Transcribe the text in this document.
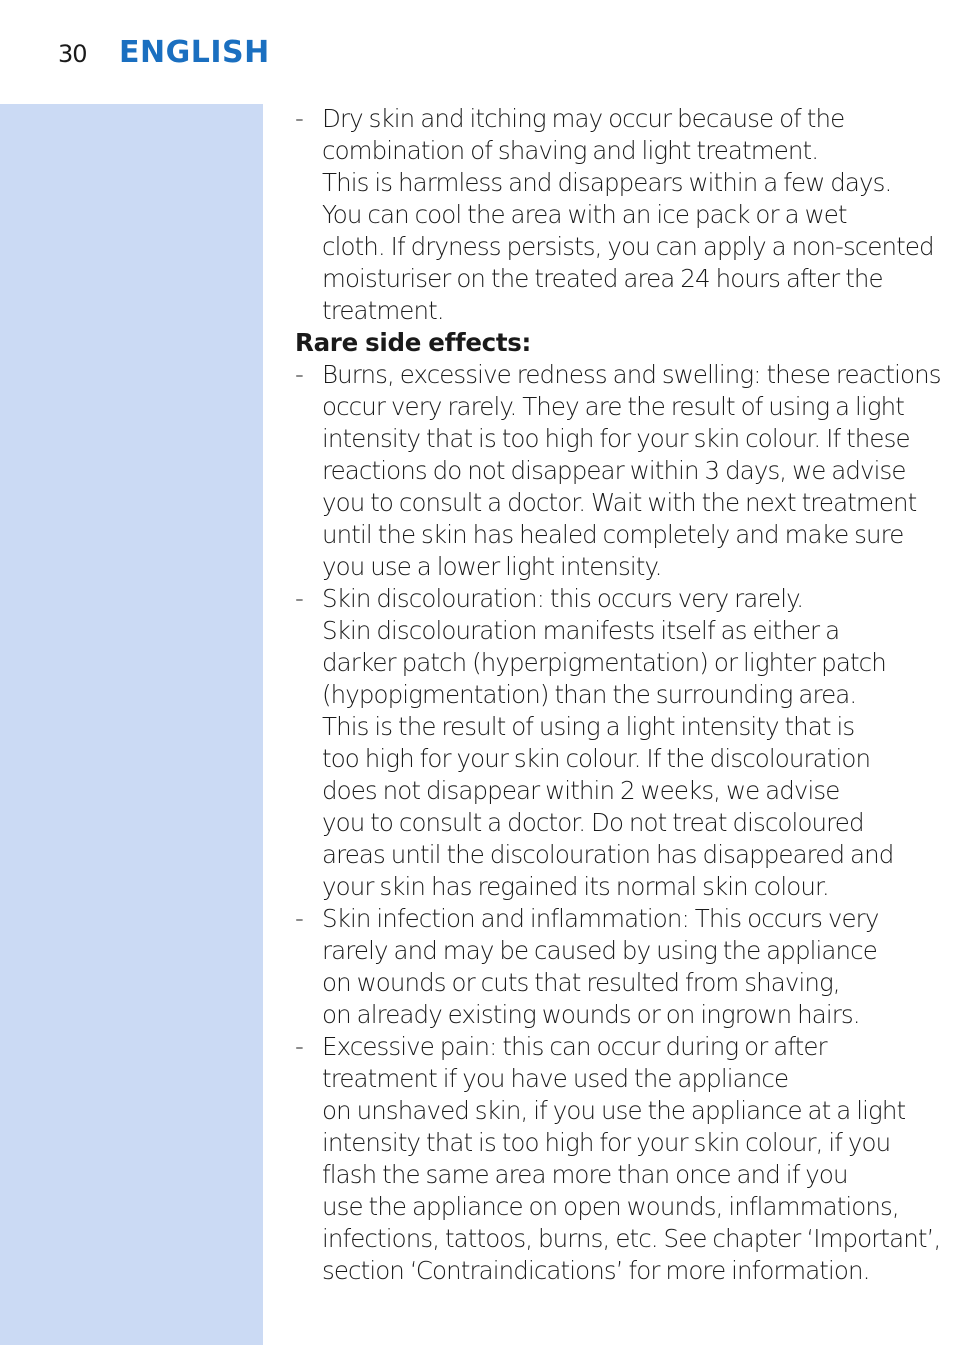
30 ENGLISH
- Dry skin and itching may occur because of the
combination of shaving and light treatment.
This is harmless and disappears within a few days.
You can cool the area with an ice pack or a wet
cloth. If dryness persists, you can apply a non-scented
moisturiser on the treated area 24 hours after the
treatment.
Rare side effects:
- Burns, excessive redness and swelling: these reactions
occur very rarely. They are the result of using a light
intensity that is too high for your skin colour. If these
reactions do not disappear within 3 days, we advise
you to consult a doctor. Wait with the next treatment
until the skin has healed completely and make sure
you use a lower light intensity.
- Skin discolouration: this occurs very rarely.
Skin discolouration manifests itself as either a
darker patch (hyperpigmentation) or lighter patch
(hypopigmentation) than the surrounding area.
This is the result of using a light intensity that is
too high for your skin colour. If the discolouration
does not disappear within 2 weeks, we advise
you to consult a doctor. Do not treat discoloured
areas until the discolouration has disappeared and
your skin has regained its normal skin colour.
- Skin infection and inflammation: This occurs very
rarely and may be caused by using the appliance
on wounds or cuts that resulted from shaving,
on already existing wounds or on ingrown hairs.
- Excessive pain: this can occur during or after
treatment if you have used the appliance
on unshaved skin, if you use the appliance at a light
intensity that is too high for your skin colour, if you
flash the same area more than once and if you
use the appliance on open wounds, inflammations,
infections, tattoos, burns, etc. See chapter ‘Important’,
section ‘Contraindications’ for more information.
